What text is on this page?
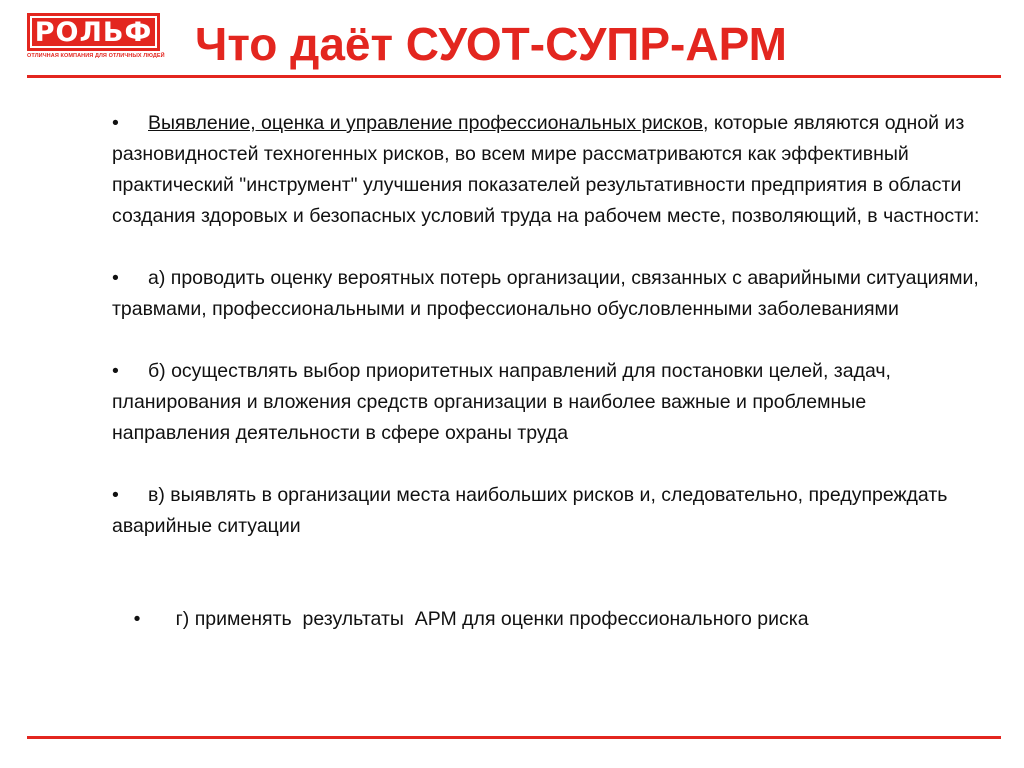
РОЛЬФ
ОТЛИЧНАЯ КОМПАНИЯ ДЛЯ ОТЛИЧНЫХ ЛЮДЕЙ Что даёт СУОТ-СУПР-АРМ

• Выявление, оценка и управление профессиональных рисков, которые являются одной из разновидностей техногенных рисков, во всем мире рассматриваются как эффективный практический "инструмент" улучшения показателей результативности предприятия в области создания здоровых и безопасных условий труда на рабочем месте, позволяющий, в частности:

• а) проводить оценку вероятных потерь организации, связанных с аварийными ситуациями, травмами, профессиональными и профессионально обусловленными заболеваниями

• б) осуществлять выбор приоритетных направлений для постановки целей, задач, планирования и вложения средств организации в наиболее важные и проблемные направления деятельности в сфере охраны труда

• в) выявлять в организации места наибольших рисков и, следовательно, предупреждать аварийные ситуации

• г) применять  результаты  АРМ для оценки профессионального риска
